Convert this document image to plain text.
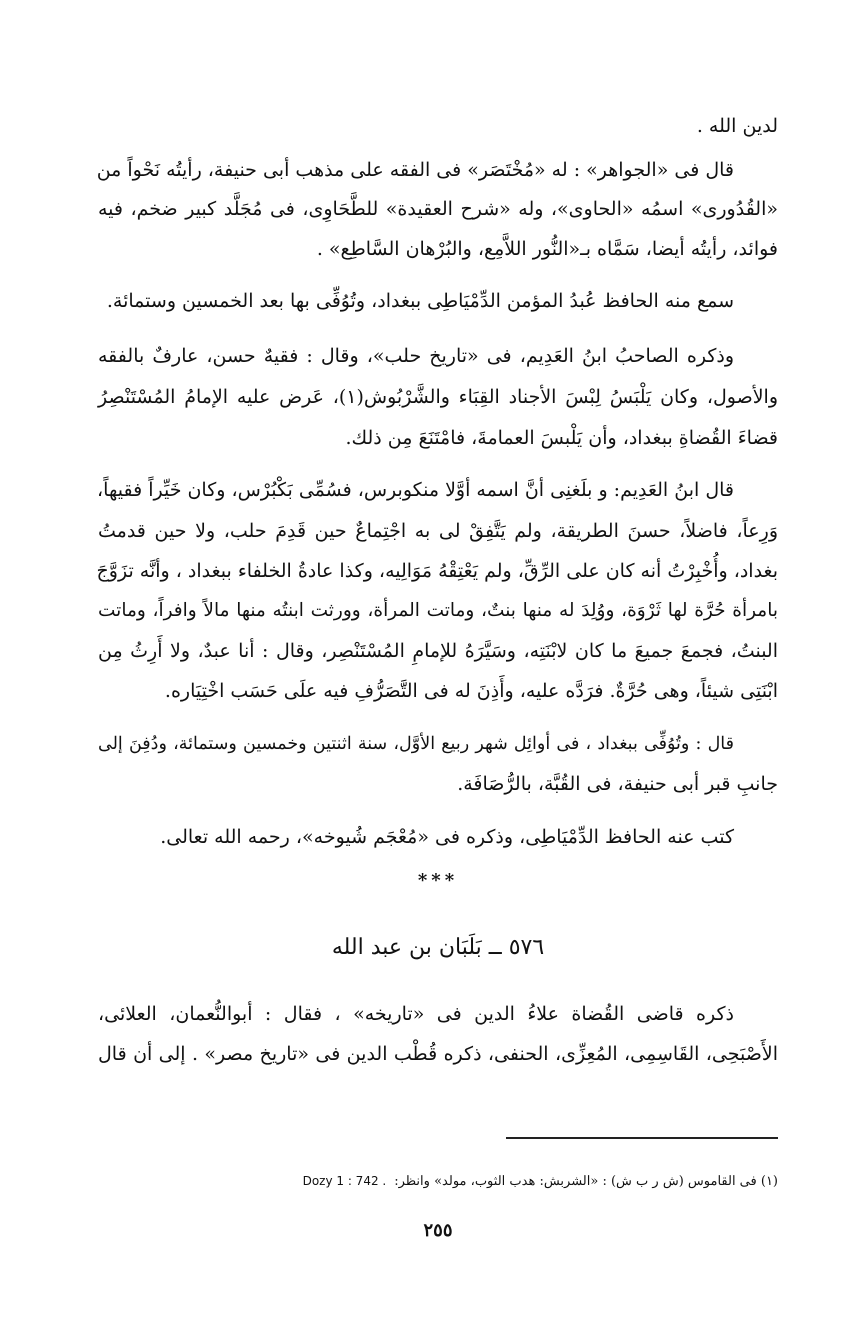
لدين الله .
قال فى «الجواهر» : له «مُخْتَصَر» فى الفقه على مذهب أبى حنيفة، رأيتُه نَحْواً من
«القُدُورى» اسمُه «الحاوى»، وله «شرح العقيدة» للطَّحَاوِى، فى مُجَلَّد كبير ضخم، فيه
فوائد، رأيتُه أيضا، سَمَّاه بـ«النُّور اللاَّمِع، والبُرْهان السَّاطِع» .
سمع منه الحافظ عُبدُ المؤمن الدِّمْيَاطِى ببغداد، وتُوُفِّى بها بعد الخمسين وستمائة.
وذكره الصاحبُ ابنُ العَدِيم، فى «تاريخ حلب»، وقال : فقيهٌ حسن، عارفٌ بالفقه
والأصول، وكان يَلْبَسُ لِبْسَ الأجناد القِبَاء والشَّرْبُوش(١)، عَرض عليه الإمامُ المُسْتَنْصِرُ
قضاءَ القُضاةِ ببغداد، وأن يَلْبسَ العمامةَ، فامْتَنَعَ مِن ذلك.
قال ابنُ العَدِيم: و بلَغنِى أنَّ اسمه أوَّلا منكوبرس، فسُمِّى بَكْبُرْس، وكان خَيِّراً فقيهاً،
وَرِعاً، فاضلاً، حسنَ الطريقة، ولم يَتَّفِقْ لى به اجْتِماعٌ حين قَدِمَ حلب، ولا حين قدمتُ
بغداد، وأُخْبِرْتُ أنه كان على الرِّقِّ، ولم يَعْتِقْهُ مَوَالِيه، وكذا عادةُ الخلفاء ببغداد ، وأنَّه تزَوَّجَ
بامرأة حُرَّة لها ثَرْوَة، ووُلِدَ له منها بنتٌ، وماتت المرأة، وورثت ابنتُه منها مالاً وافراً، وماتت
البنتُ، فجمعَ جميعَ ما كان لابْنَتِه، وسَيَّرَهُ للإمامِ المُسْتَنْصِر، وقال : أنا عبدٌ، ولا أَرِثُ مِن
ابْنَتِى شيئاً، وهى حُرَّةٌ. فرَدَّه عليه، وأَذِنَ له فى التَّصَرُّفِ فيه علَى حَسَب اخْتِيَاره.
قال : وتُوُفِّى ببغداد ، فى أوائِل شهر ربيع الأوَّل، سنة اثنتين وخمسين وستمائة، ودُفِنَ إلى
جانبِ قبر أبى حنيفة، فى القُبَّة، بالرُّصَافَة.
كتب عنه الحافظ الدِّمْيَاطِى، وذكره فى «مُعْجَم شُيوخه»، رحمه الله تعالى.
***
٥٧٦ ــ بَلَبَان بن عبد الله
ذكره قاضى القُضاة علاءُ الدين فى «تاريخه» ، فقال : أبوالنُّعمان، العلائى،
الأَصْبَحِى، القَاسِمِى، المُعِزِّى، الحنفى، ذكره قُطْب الدين فى «تاريخ مصر» . إلى أن قال
(١) فى القاموس (ش ر ب ش) : «الشربش: هدب الثوب، مولد» وانظر:Dozy 1 : 742 .
٢٥٥
